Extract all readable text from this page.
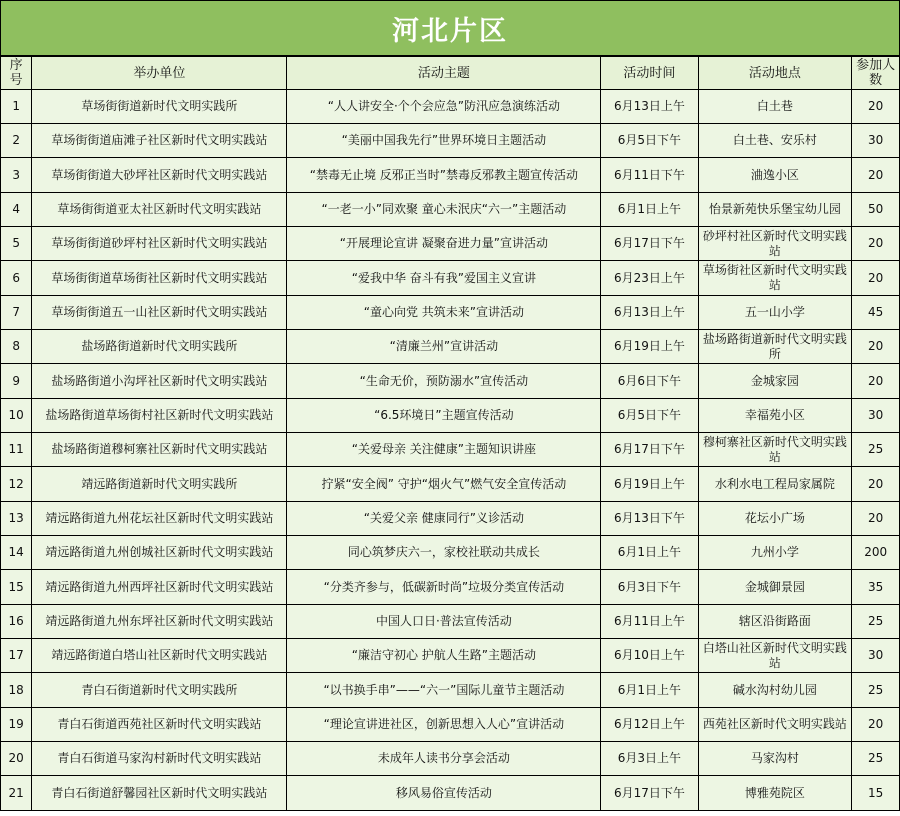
河北片区
序号	举办单位	活动主题	活动时间	活动地点	参加人数
1	草场街街道新时代文明实践所	“人人讲安全·个个会应急”防汛应急演练活动	6月13日上午	白土巷	20
2	草场街街道庙滩子社区新时代文明实践站	“美丽中国我先行”世界环境日主题活动	6月5日下午	白土巷、安乐村	30
3	草场街街道大砂坪社区新时代文明实践站	“禁毒无止境 反邪正当时”禁毒反邪教主题宣传活动	6月11日下午	浀逸小区	20
4	草场街街道亚太社区新时代文明实践站	“一老一小”同欢聚 童心未泯庆“六一”主题活动	6月1日上午	怡景新苑快乐堡宝幼儿园	50
5	草场街街道砂坪村社区新时代文明实践站	“开展理论宣讲 凝聚奋进力量”宣讲活动	6月17日下午	砂坪村社区新时代文明实践站	20
6	草场街街道草场街社区新时代文明实践站	“爱我中华 奋斗有我”爱国主义宣讲	6月23日上午	草场街社区新时代文明实践站	20
7	草场街街道五一山社区新时代文明实践站	“童心向党 共筑未来”宣讲活动	6月13日上午	五一山小学	45
8	盐场路街道新时代文明实践所	“清廉兰州”宣讲活动	6月19日上午	盐场路街道新时代文明实践所	20
9	盐场路街道小沟坪社区新时代文明实践站	“生命无价，预防溺水”宣传活动	6月6日下午	金城家园	20
10	盐场路街道草场街村社区新时代文明实践站	“6.5环境日”主题宣传活动	6月5日下午	幸福苑小区	30
11	盐场路街道穆柯寨社区新时代文明实践站	“关爱母亲 关注健康”主题知识讲座	6月17日下午	穆柯寨社区新时代文明实践站	25
12	靖远路街道新时代文明实践所	拧紧“安全阀” 守护“烟火气”燃气安全宣传活动	6月19日上午	水利水电工程局家属院	20
13	靖远路街道九州花坛社区新时代文明实践站	“关爱父亲 健康同行”义诊活动	6月13日下午	花坛小广场	20
14	靖远路街道九州创城社区新时代文明实践站	同心筑梦庆六一，家校社联动共成长	6月1日上午	九州小学	200
15	靖远路街道九州西坪社区新时代文明实践站	“分类齐参与，低碳新时尚”垃圾分类宣传活动	6月3日下午	金城御景园	35
16	靖远路街道九州东坪社区新时代文明实践站	中国人口日·普法宣传活动	6月11日上午	辖区沿街路面	25
17	靖远路街道白塔山社区新时代文明实践站	“廉洁守初心 护航人生路”主题活动	6月10日上午	白塔山社区新时代文明实践站	30
18	青白石街道新时代文明实践所	“以书换手串”——“六一”国际儿童节主题活动	6月1日上午	碱水沟村幼儿园	25
19	青白石街道西苑社区新时代文明实践站	“理论宣讲进社区，创新思想入人心”宣讲活动	6月12日上午	西苑社区新时代文明实践站	20
20	青白石街道马家沟村新时代文明实践站	未成年人读书分享会活动	6月3日上午	马家沟村	25
21	青白石街道舒馨园社区新时代文明实践站	移风易俗宣传活动	6月17日下午	博雅苑院区	15
